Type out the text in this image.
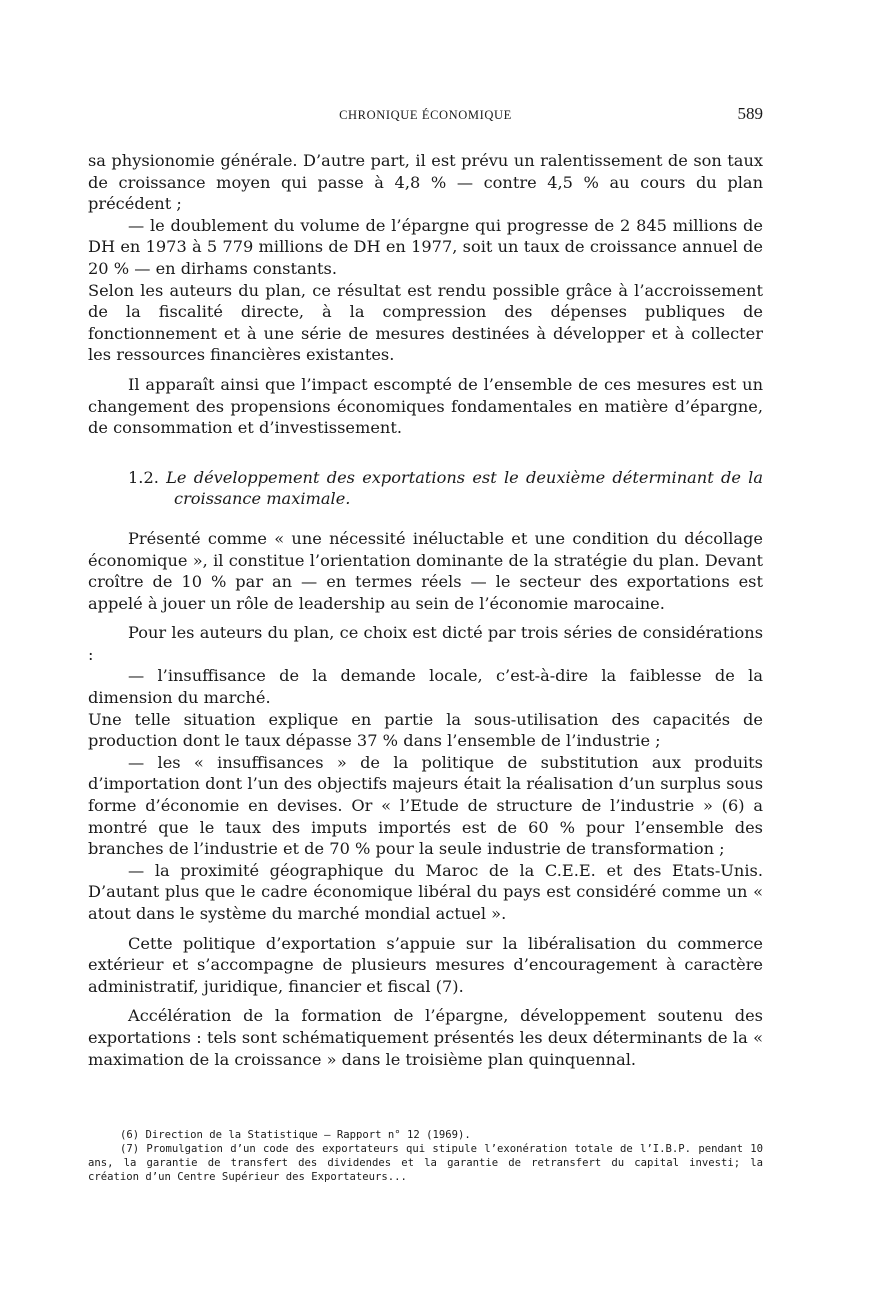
CHRONIQUE ÉCONOMIQUE	589

sa physionomie générale. D’autre part, il est prévu un ralentissement de son taux de croissance moyen qui passe à 4,8 % — contre 4,5 % au cours du plan précédent ;

— le doublement du volume de l’épargne qui progresse de 2 845 millions de DH en 1973 à 5 779 millions de DH en 1977, soit un taux de croissance annuel de 20 % — en dirhams constants.

Selon les auteurs du plan, ce résultat est rendu possible grâce à l’accroissement de la fiscalité directe, à la compression des dépenses publiques de fonctionnement et à une série de mesures destinées à développer et à collecter les ressources financières existantes.

Il apparaît ainsi que l’impact escompté de l’ensemble de ces mesures est un changement des propensions économiques fondamentales en matière d’épargne, de consommation et d’investissement.

1.2. Le développement des exportations est le deuxième déterminant de la croissance maximale.

Présenté comme « une nécessité inéluctable et une condition du décollage économique », il constitue l’orientation dominante de la stratégie du plan. Devant croître de 10 % par an — en termes réels — le secteur des exportations est appelé à jouer un rôle de leadership au sein de l’économie marocaine.

Pour les auteurs du plan, ce choix est dicté par trois séries de considérations :

— l’insuffisance de la demande locale, c’est-à-dire la faiblesse de la dimension du marché.

Une telle situation explique en partie la sous-utilisation des capacités de production dont le taux dépasse 37 % dans l’ensemble de l’industrie ;

— les « insuffisances » de la politique de substitution aux produits d’importation dont l’un des objectifs majeurs était la réalisation d’un surplus sous forme d’économie en devises. Or « l’Etude de structure de l’industrie » (6) a montré que le taux des imputs importés est de 60 % pour l’ensemble des branches de l’industrie et de 70 % pour la seule industrie de transformation ;

— la proximité géographique du Maroc de la C.E.E. et des Etats-Unis. D’autant plus que le cadre économique libéral du pays est considéré comme un « atout dans le système du marché mondial actuel ».

Cette politique d’exportation s’appuie sur la libéralisation du commerce extérieur et s’accompagne de plusieurs mesures d’encouragement à caractère administratif, juridique, financier et fiscal (7).

Accélération de la formation de l’épargne, développement soutenu des exportations : tels sont schématiquement présentés les deux déterminants de la « maximation de la croissance » dans le troisième plan quinquennal.

(6) Direction de la Statistique — Rapport n° 12 (1969).

(7) Promulgation d’un code des exportateurs qui stipule l’exonération totale de l’I.B.P. pendant 10 ans, la garantie de transfert des dividendes et la garantie de retransfert du capital investi; la création d’un Centre Supérieur des Exportateurs...
